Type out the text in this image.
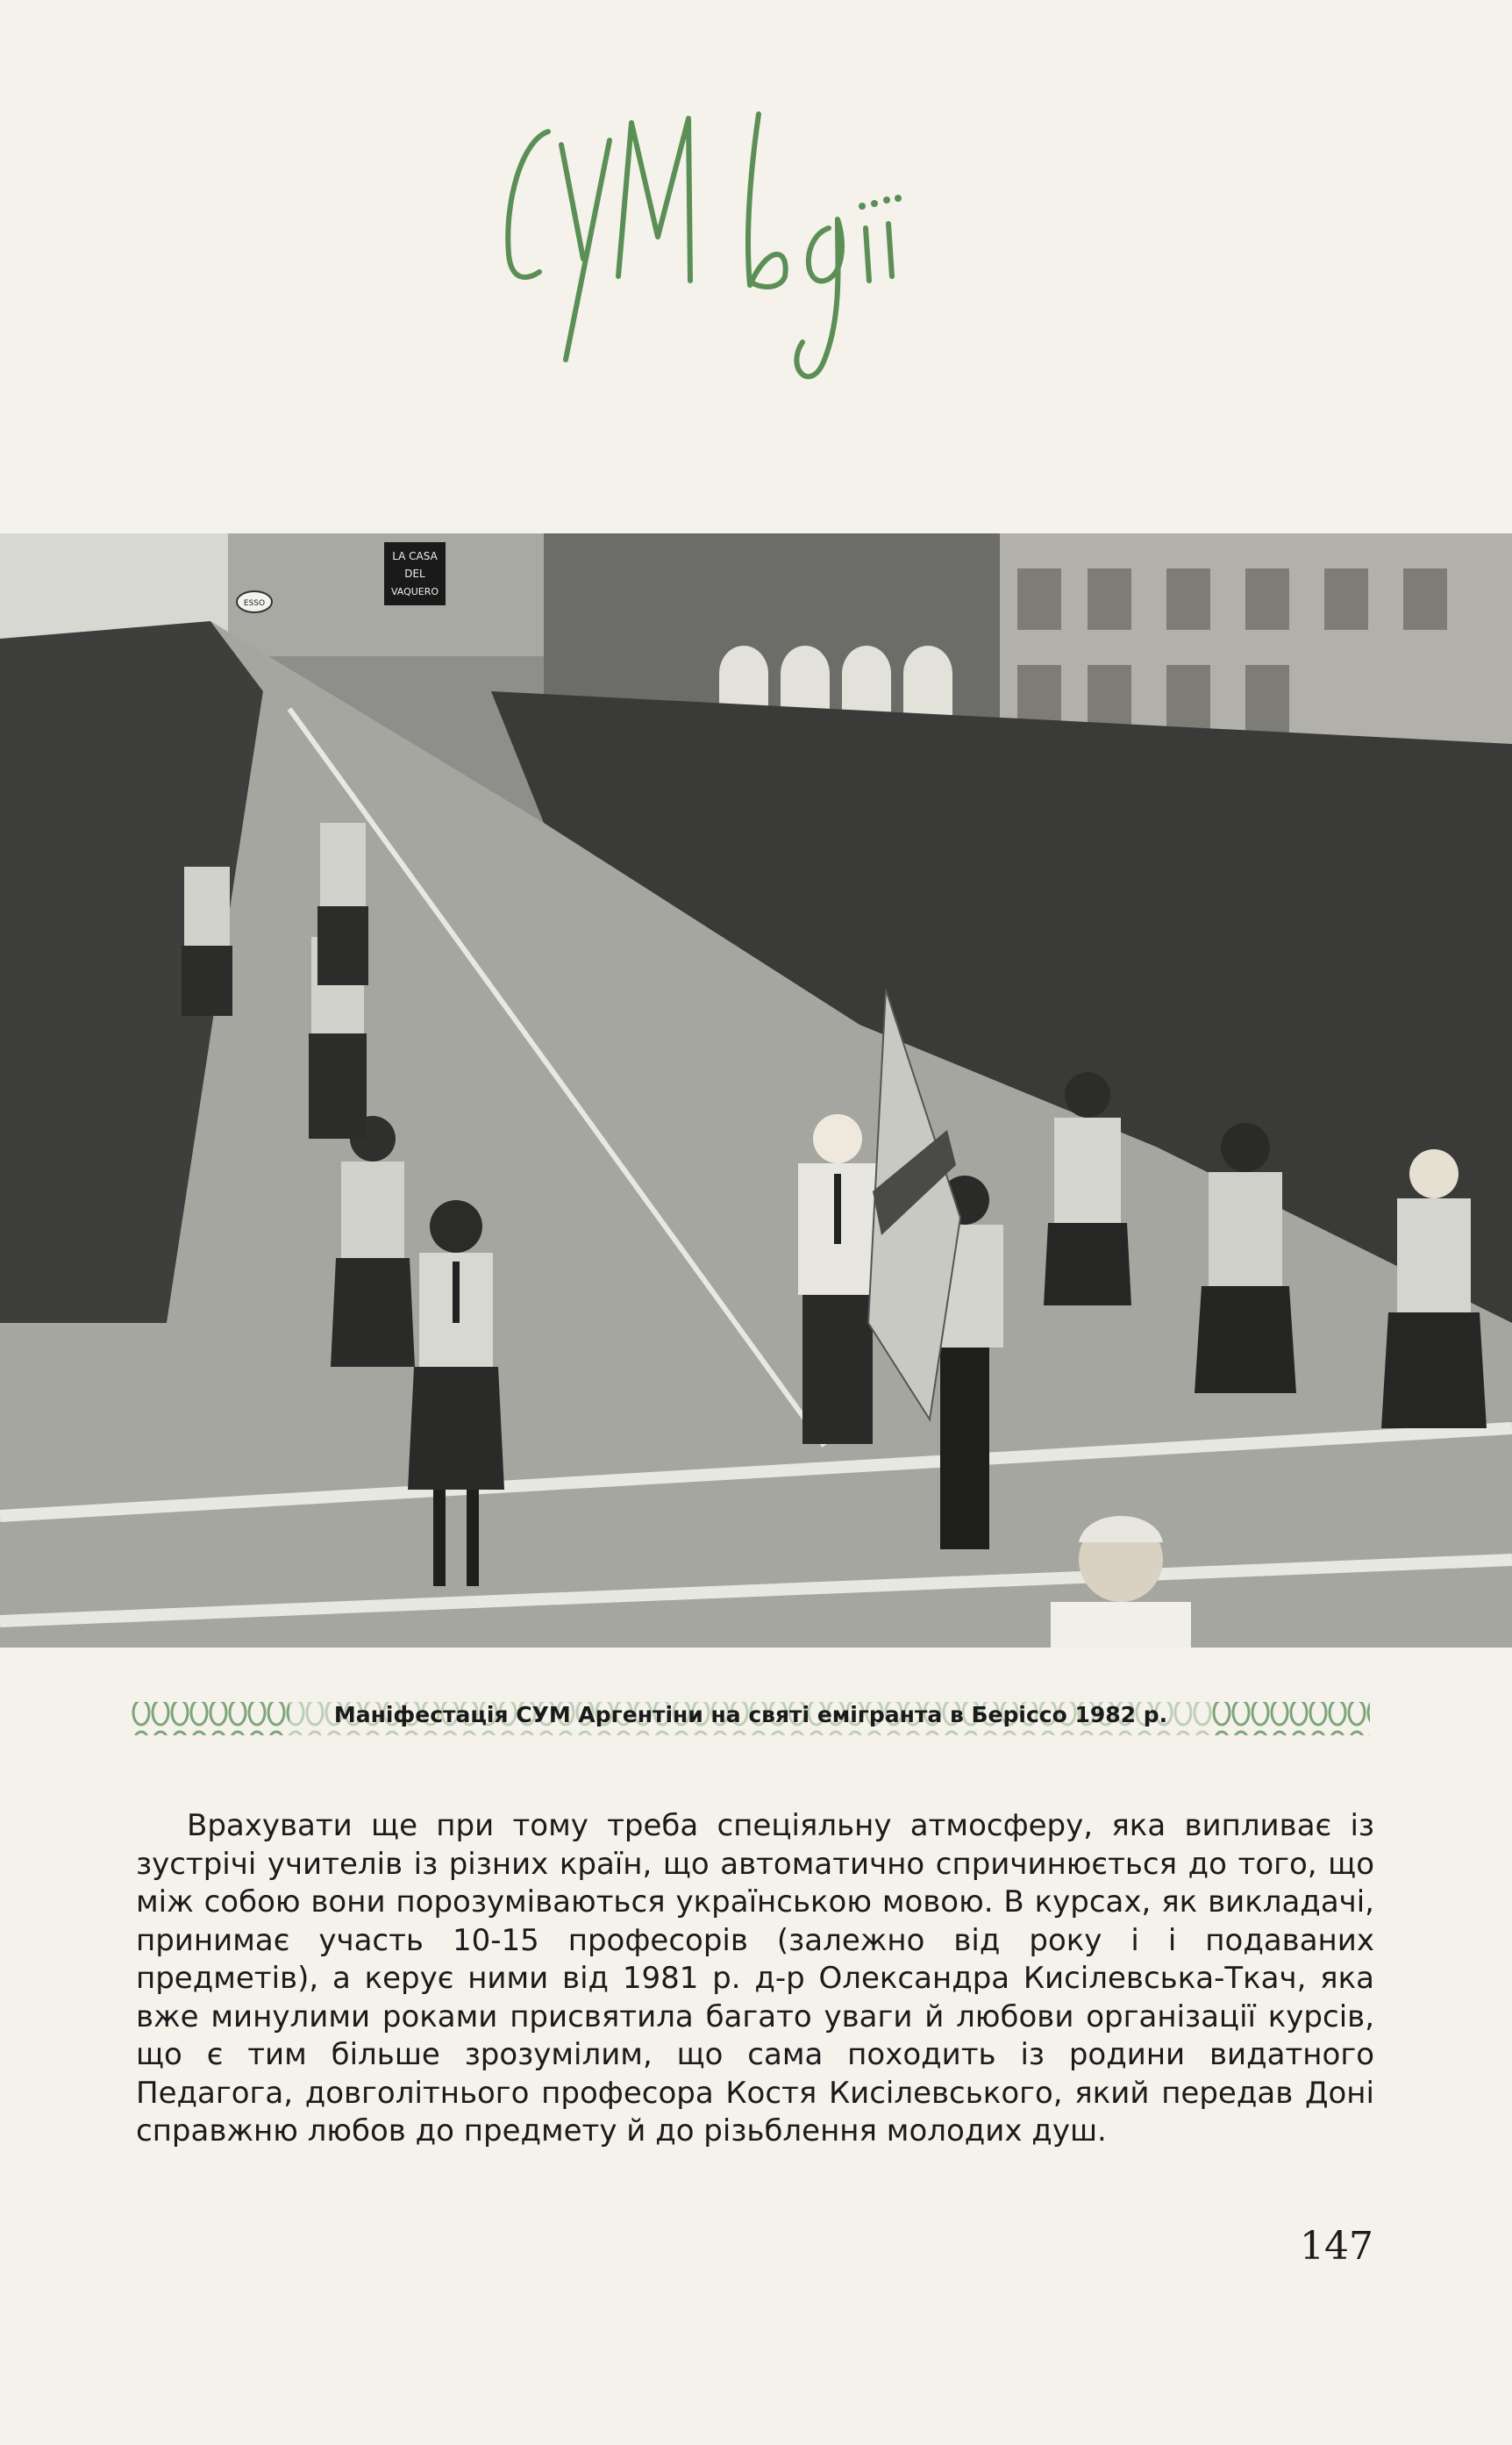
LA CASA
DEL
VAQUERO
ESSO
Маніфестація СУМ Аргентіни на святі емігранта в Беріссо 1982 р.
Врахувати ще при тому треба спеціяльну атмосферу, яка випливає із зустрічі учителів із різних країн, що автоматично спричинюється до того, що між собою вони порозуміваються українською мовою. В курсах, як викладачі, принимає участь 10-15 професорів (залежно від року і і подаваних предметів), а керує ними від 1981 р. д-р Олександра Кисілевська-Ткач, яка вже минулими роками присвятила багато уваги й любови організації курсів, що є тим більше зрозумілим, що сама походить із родини видатного Педагога, довголітнього професора Костя Кисілевського, який передав Доні справжню любов до предмету й до різьблення молодих душ.
147
